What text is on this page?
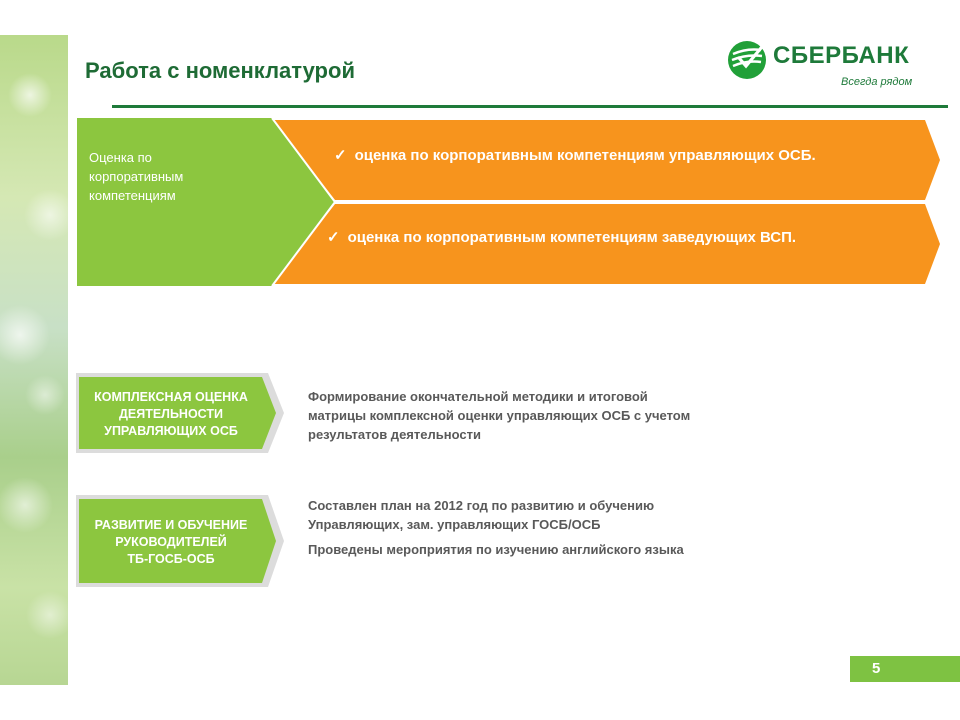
Работа с номенклатурой
СБЕРБАНК
Всегда рядом
Оценка по корпоративным компетенциям
✓ оценка по корпоративным компетенциям управляющих ОСБ.
✓ оценка по корпоративным компетенциям заведующих ВСП.
КОМПЛЕКСНАЯ ОЦЕНКА
ДЕЯТЕЛЬНОСТИ
УПРАВЛЯЮЩИХ ОСБ
Формирование окончательной методики и итоговой
матрицы комплексной оценки управляющих ОСБ с учетом
результатов деятельности
РАЗВИТИЕ И ОБУЧЕНИЕ
РУКОВОДИТЕЛЕЙ
ТБ-ГОСБ-ОСБ
Составлен план на 2012 год по развитию и обучению
Управляющих, зам. управляющих ГОСБ/ОСБ
Проведены мероприятия по изучению английского языка
5
